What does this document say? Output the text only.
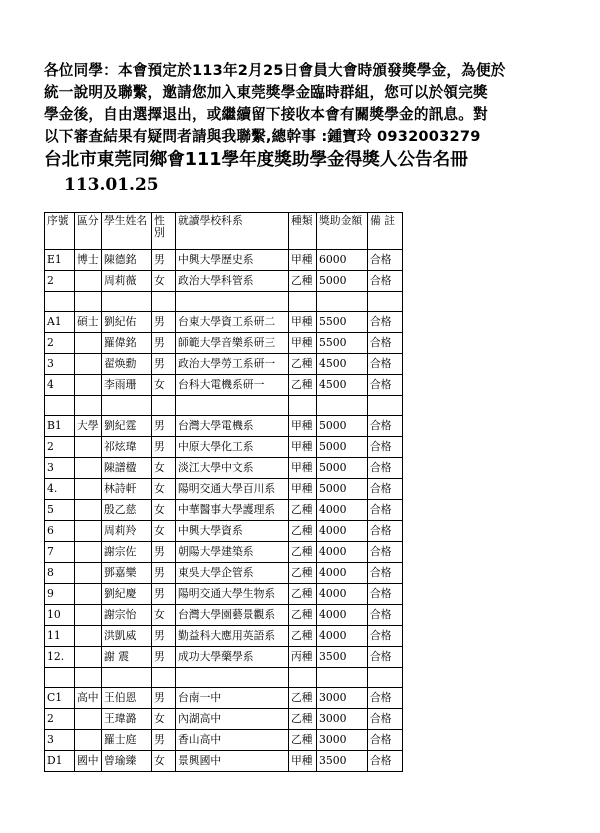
各位同學：本會預定於113年2月25日會員大會時頒發獎學金，為便於
統一說明及聯繫，邀請您加入東莞獎學金臨時群組，您可以於領完獎
學金後，自由選擇退出，或繼續留下接收本會有關獎學金的訊息。對
以下審查結果有疑問者請與我聯繫,總幹事 :鍾寶玲 0932003279
台北市東莞同鄉會111學年度獎助學金得獎人公告名冊
113.01.25
序號	區分	學生姓名	性別	就讀學校科系	種類	獎助金額	備 註
E1	博士	陳德銘	男	中興大學歷史系	甲種	6000	合格
2		周莉薇	女	政治大學科管系	乙種	5000	合格

A1	碩士	劉紀佑	男	台東大學資工系研二	甲種	5500	合格
2		羅偉銘	男	師範大學音樂系研三	甲種	5500	合格
3		翟焕勳	男	政治大學勞工系研一	乙種	4500	合格
4		李雨珊	女	台科大電機系研一	乙種	4500	合格

B1	大學	劉紀霆	男	台灣大學電機系	甲種	5000	合格
2		祁炫瑋	男	中原大學化工系	甲種	5000	合格
3		陳譜楹	女	淡江大學中文系	甲種	5000	合格
4.		林詩軒	女	陽明交通大學百川系	甲種	5000	合格
5		殷乙慈	女	中華醫事大學護理系	乙種	4000	合格
6		周莉羚	女	中興大學資系	乙種	4000	合格
7		謝宗佐	男	朝陽大學建築系	乙種	4000	合格
8		鄧嘉樂	男	東吳大學企管系	乙種	4000	合格
9		劉紀慶	男	陽明交通大學生物系	乙種	4000	合格
10		謝宗怡	女	台灣大學園藝景觀系	乙種	4000	合格
11		洪凱威	男	勤益科大應用英語系	乙種	4000	合格
12.		謝 震	男	成功大學藥學系	丙種	3500	合格

C1	高中	王伯恩	男	台南一中	乙種	3000	合格
2		王瑋潞	女	內湖高中	乙種	3000	合格
3		羅士庭	男	香山高中	乙種	3000	合格
D1	國中	曾瑜臻	女	景興國中	甲種	3500	合格
